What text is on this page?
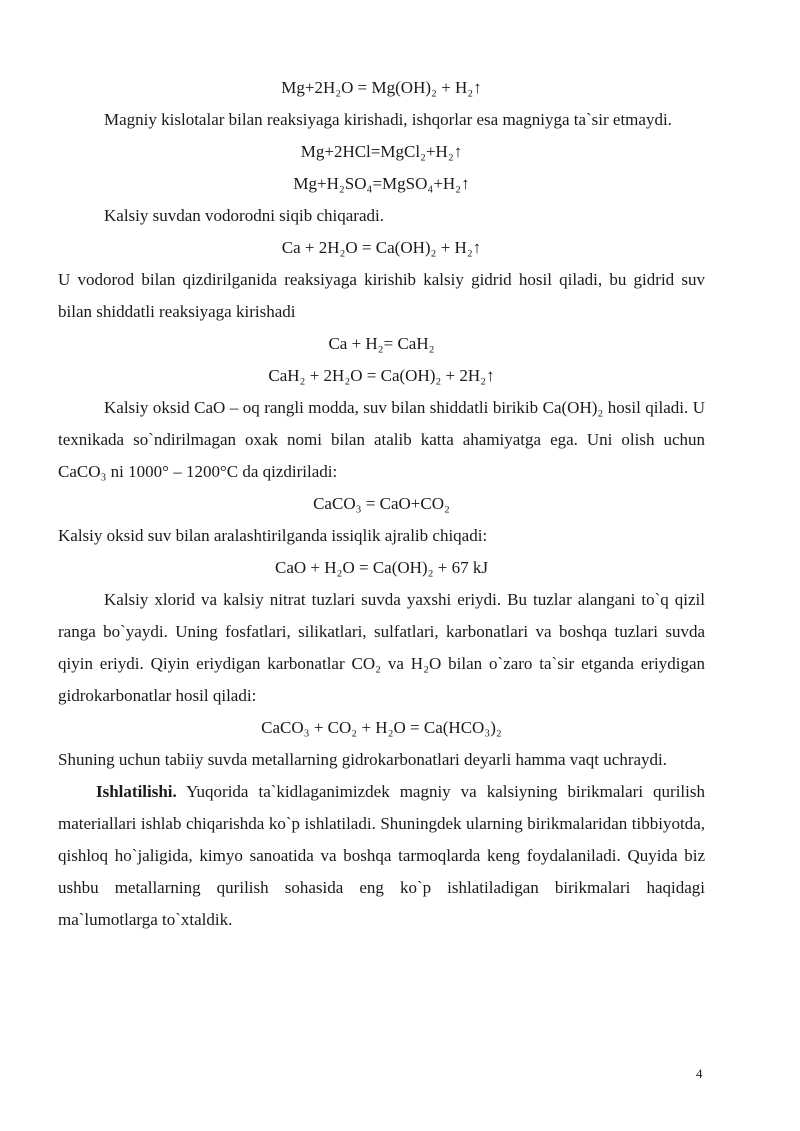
Mg+2H₂O = Mg(OH)₂ + H₂↑

Magniy kislotalar bilan reaksiyaga kirishadi, ishqorlar esa magniyga ta`sir etmaydi.

Mg+2HCl=MgCl₂+H₂↑
Mg+H₂SO₄=MgSO₄+H₂↑

Kalsiy suvdan vodorodni siqib chiqaradi.

Ca + 2H₂O = Ca(OH)₂ + H₂↑

U vodorod bilan qizdirilganida reaksiyaga kirishib kalsiy gidrid hosil qiladi, bu gidrid suv bilan shiddatli reaksiyaga kirishadi

Ca + H₂= CaH₂
CaH₂ + 2H₂O = Ca(OH)₂ + 2H₂↑

Kalsiy oksid CaO – oq rangli modda, suv bilan shiddatli birikib Ca(OH)₂ hosil qiladi. U texnikada so`ndirilmagan oxak nomi bilan atalib katta ahamiyatga ega. Uni olish uchun CaCO₃ ni 1000° – 1200°C da qizdiriladi:

CaCO₃ = CaO+CO₂

Kalsiy oksid suv bilan aralashtirilganda issiqlik ajralib chiqadi:

CaO + H₂O = Ca(OH)₂ + 67 kJ

Kalsiy xlorid va kalsiy nitrat tuzlari suvda yaxshi eriydi. Bu tuzlar alangani to`q qizil ranga bo`yaydi. Uning fosfatlari, silikatlari, sulfatlari, karbonatlari va boshqa tuzlari suvda qiyin eriydi. Qiyin eriydigan karbonatlar CO₂ va H₂O bilan o`zaro ta`sir etganda eriydigan gidrokarbonatlar hosil qiladi:

CaCO₃ + CO₂ + H₂O = Ca(HCO₃)₂

Shuning uchun tabiiy suvda metallarning gidrokarbonatlari deyarli hamma vaqt uchraydi.

Ishlatilishi. Yuqorida ta`kidlaganimizdek magniy va kalsiyning birikmalari qurilish materiallari ishlab chiqarishda ko`p ishlatiladi. Shuningdek ularning birikmalaridan tibbiyotda, qishloq ho`jaligida, kimyo sanoatida va boshqa tarmoqlarda keng foydalaniladi. Quyida biz ushbu metallarning qurilish sohasida eng ko`p ishlatiladigan birikmalari haqidagi ma`lumotlarga to`xtaldik.

4
